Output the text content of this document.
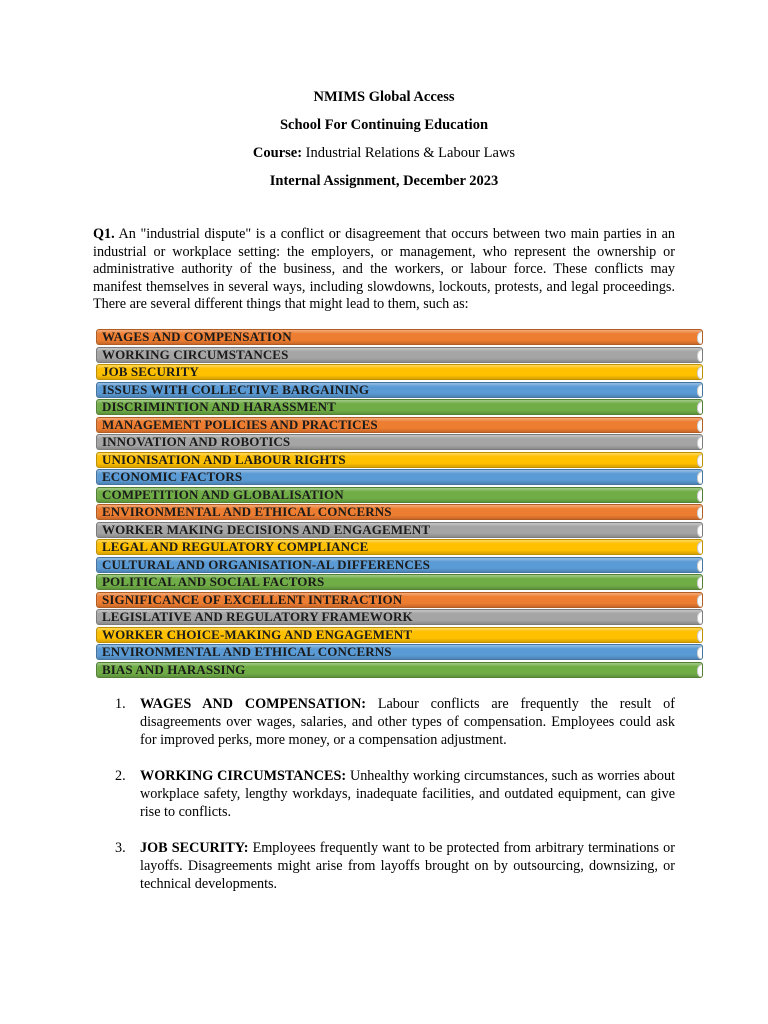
NMIMS Global Access
School For Continuing Education
Course: Industrial Relations & Labour Laws
Internal Assignment, December 2023

Q1. An "industrial dispute" is a conflict or disagreement that occurs between two main parties in an industrial or workplace setting: the employers, or management, who represent the ownership or administrative authority of the business, and the workers, or labour force. These conflicts may manifest themselves in several ways, including slowdowns, lockouts, protests, and legal proceedings. There are several different things that might lead to them, such as:

WAGES AND COMPENSATION
WORKING CIRCUMSTANCES
JOB SECURITY
ISSUES WITH COLLECTIVE BARGAINING
DISCRIMINTION AND HARASSMENT
MANAGEMENT POLICIES AND PRACTICES
INNOVATION AND ROBOTICS
UNIONISATION AND LABOUR RIGHTS
ECONOMIC FACTORS
COMPETITION AND GLOBALISATION
ENVIRONMENTAL AND ETHICAL CONCERNS
WORKER MAKING DECISIONS AND ENGAGEMENT
LEGAL AND REGULATORY COMPLIANCE
CULTURAL AND ORGANISATION-AL DIFFERENCES
POLITICAL AND SOCIAL FACTORS
SIGNIFICANCE OF EXCELLENT INTERACTION
LEGISLATIVE AND REGULATORY FRAMEWORK
WORKER CHOICE-MAKING AND ENGAGEMENT
ENVIRONMENTAL AND ETHICAL CONCERNS
BIAS AND HARASSING
1. WAGES AND COMPENSATION: Labour conflicts are frequently the result of disagreements over wages, salaries, and other types of compensation. Employees could ask for improved perks, more money, or a compensation adjustment.
2. WORKING CIRCUMSTANCES: Unhealthy working circumstances, such as worries about workplace safety, lengthy workdays, inadequate facilities, and outdated equipment, can give rise to conflicts.
3. JOB SECURITY: Employees frequently want to be protected from arbitrary terminations or layoffs. Disagreements might arise from layoffs brought on by outsourcing, downsizing, or technical developments.
